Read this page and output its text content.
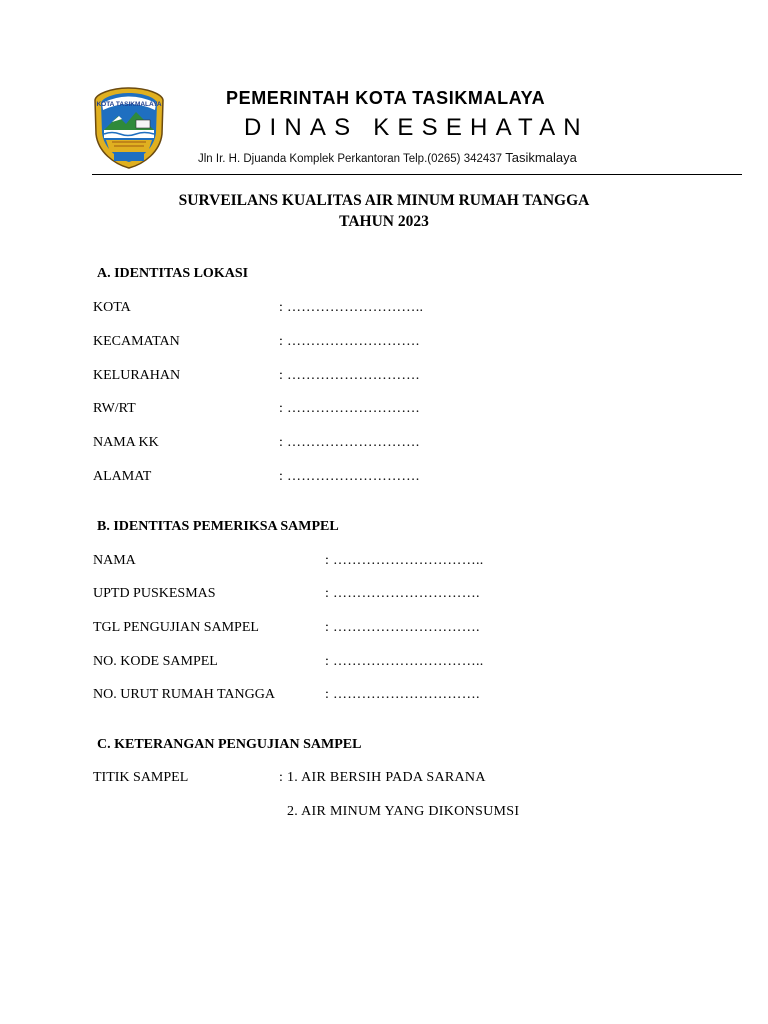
KOTA TASIKMALAYA	PEMERINTAH KOTA TASIKMALAYA
DINAS KESEHATAN
Jln Ir. H. Djuanda Komplek Perkantoran Telp.(0265) 342437 Tasikmalaya
SURVEILANS KUALITAS AIR MINUM RUMAH TANGGA
TAHUN 2023
A. IDENTITAS LOKASI
KOTA	: ………………………..
KECAMATAN	: ……………………….
KELURAHAN	: ……………………….
RW/RT	: ……………………….
NAMA KK	: ……………………….
ALAMAT	: ……………………….
B. IDENTITAS PEMERIKSA SAMPEL
NAMA	: …………………………..
UPTD PUSKESMAS	: ………………………….
TGL PENGUJIAN SAMPEL	: ………………………….
NO. KODE SAMPEL	: …………………………..
NO. URUT RUMAH TANGGA	: ………………………….
C. KETERANGAN PENGUJIAN SAMPEL
TITIK SAMPEL	: 1. AIR BERSIH PADA SARANA
2. AIR MINUM YANG DIKONSUMSI
